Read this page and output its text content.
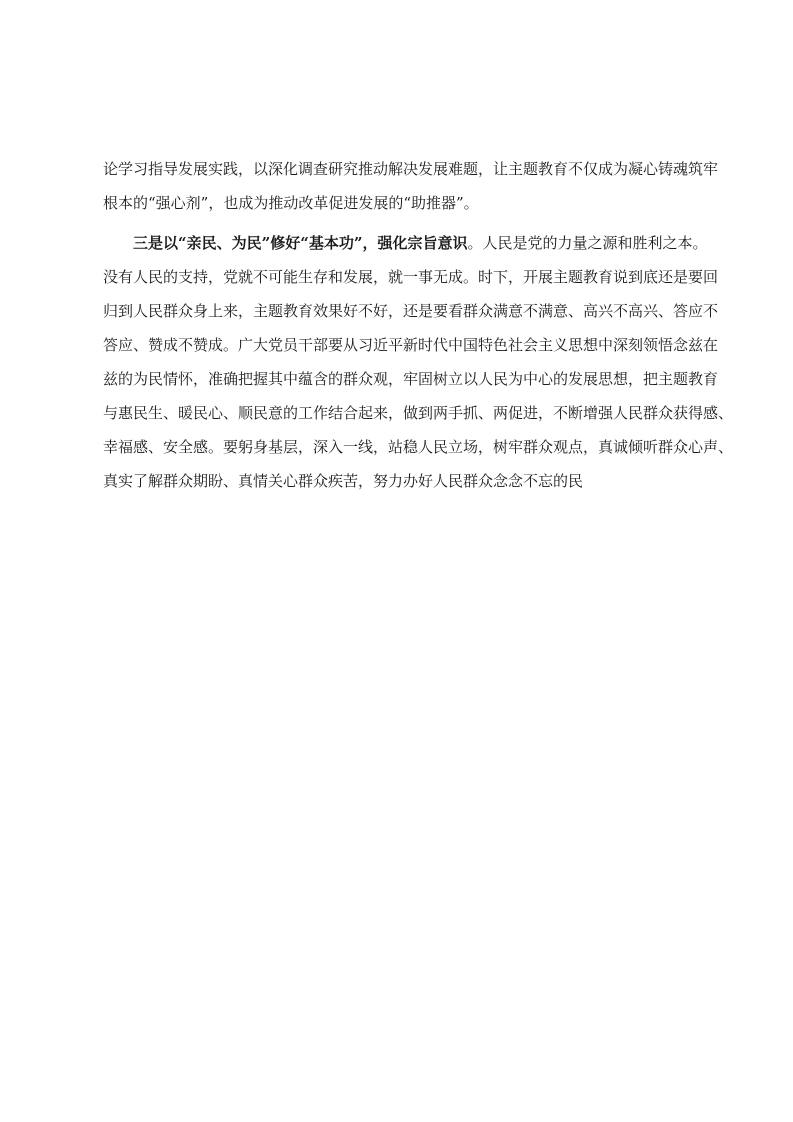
论学习指导发展实践，以深化调查研究推动解决发展难题，让主题教育不仅成为凝心铸魂筑牢
根本的“强心剂”，也成为推动改革促进发展的“助推器”。
三是以“亲民、为民”修好“基本功”，强化宗旨意识。人民是党的力量之源和胜利之本。
没有人民的支持，党就不可能生存和发展，就一事无成。时下，开展主题教育说到底还是要回
归到人民群众身上来，主题教育效果好不好，还是要看群众满意不满意、高兴不高兴、答应不
答应、赞成不赞成。广大党员干部要从习近平新时代中国特色社会主义思想中深刻领悟念兹在
兹的为民情怀，准确把握其中蕴含的群众观，牢固树立以人民为中心的发展思想，把主题教育
与惠民生、暖民心、顺民意的工作结合起来，做到两手抓、两促进，不断增强人民群众获得感、
幸福感、安全感。要躬身基层，深入一线，站稳人民立场，树牢群众观点，真诚倾听群众心声、
真实了解群众期盼、真情关心群众疾苦，努力办好人民群众念念不忘的民
